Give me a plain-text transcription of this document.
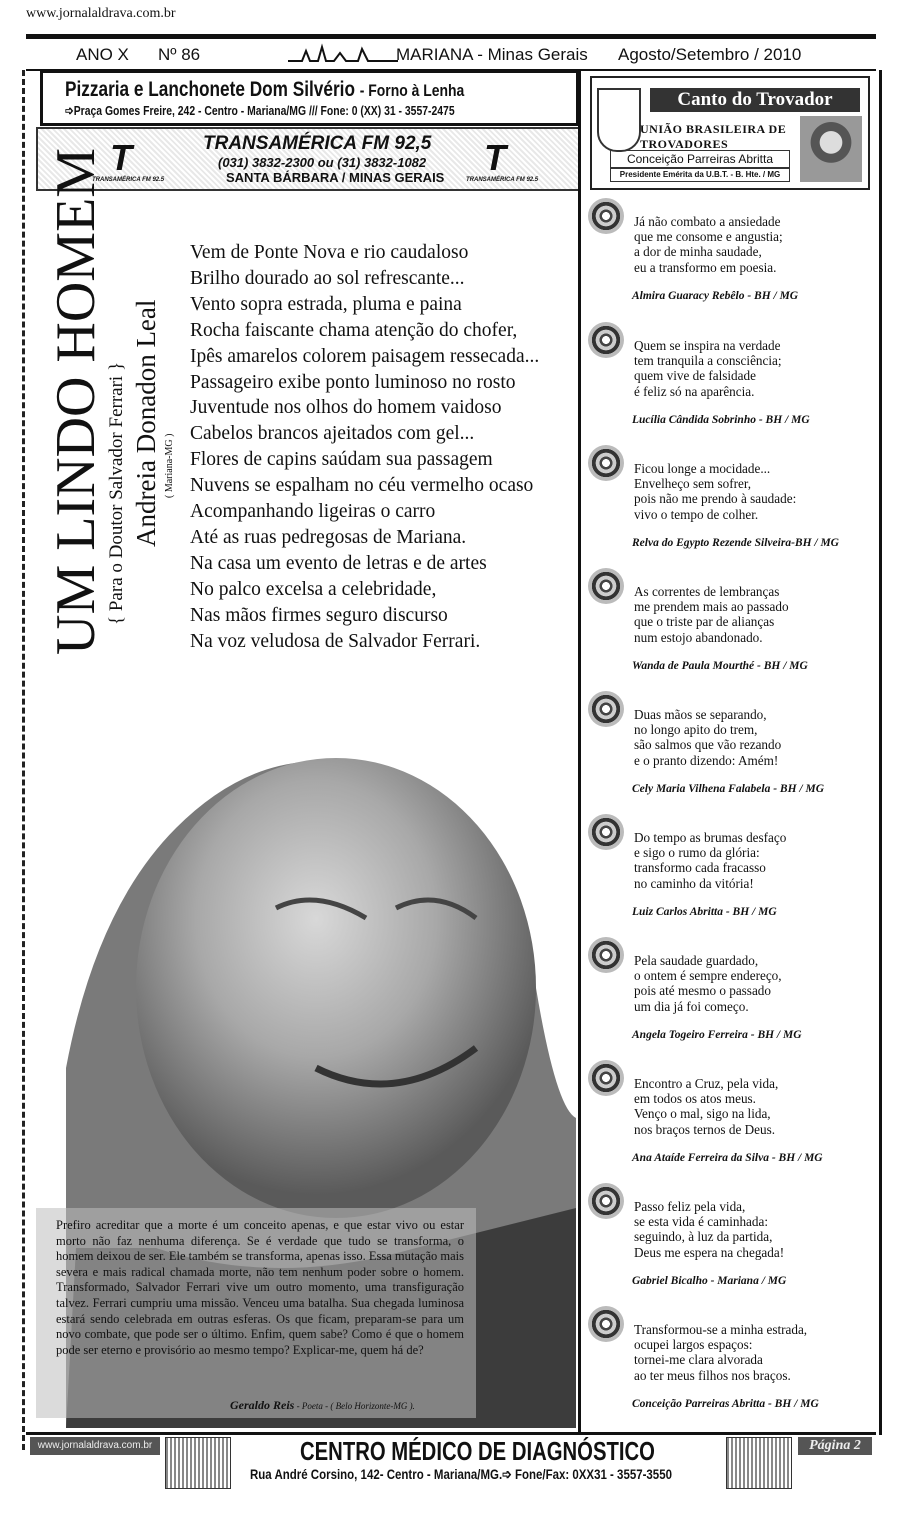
www.jornalaldrava.com.br
ANO X Nº 86	MARIANA - Minas Gerais Agosto/Setembro / 2010
Pizzaria e Lanchonete Dom Silvério - Forno à Lenha
➩Praça Gomes Freire, 242 - Centro - Mariana/MG /// Fone: 0 (XX) 31 - 3557-2475
T
TRANSAMÉRICA FM 92.5
TRANSAMÉRICA FM 92,5
(031) 3832-2300 ou (31) 3832-1082
SANTA BÁRBARA / MINAS GERAIS T
TRANSAMÉRICA FM 92.5
Canto do Trovador
UNIÃO BRASILEIRA DE TROVADORES
Conceição Parreiras Abritta
Presidente Emérita da U.B.T. - B. Hte. / MG
Já não combato a ansiedade
que me consome e angustia;
a dor de minha saudade,
eu a transformo em poesia.
Almira Guaracy Rebêlo - BH / MG
Quem se inspira na verdade
tem tranquila a consciência;
quem vive de falsidade
é feliz só na aparência.
Lucília Cândida Sobrinho - BH / MG
Ficou longe a mocidade...
Envelheço sem sofrer,
pois não me prendo à saudade:
vivo o tempo de colher.
Relva do Egypto Rezende Silveira-BH / MG
As correntes de lembranças
me prendem mais ao passado
que o triste par de alianças
num estojo abandonado.
Wanda de Paula Mourthé - BH / MG
Duas mãos se separando,
no longo apito do trem,
são salmos que vão rezando
e o pranto dizendo: Amém!
Cely Maria Vilhena Falabela - BH / MG
Do tempo as brumas desfaço
e sigo o rumo da glória:
transformo cada fracasso
no caminho da vitória!
Luiz Carlos Abritta - BH / MG
Pela saudade guardado,
o ontem é sempre endereço,
pois até mesmo o passado
um dia já foi começo.
Angela Togeiro Ferreira - BH / MG
Encontro a Cruz, pela vida,
em todos os atos meus.
Venço o mal, sigo na lida,
nos braços ternos de Deus.
Ana Ataíde Ferreira da Silva - BH / MG
Passo feliz pela vida,
se esta vida é caminhada:
seguindo, à luz da partida,
Deus me espera na chegada!
Gabriel Bicalho - Mariana / MG
Transformou-se a minha estrada,
ocupei largos espaços:
tornei-me clara alvorada
ao ter meus filhos nos braços.
Conceição Parreiras Abritta - BH / MG
UM LINDO HOMEM { Para o Doutor Salvador Ferrari } Andreia Donadon Leal ( Mariana-MG )
Vem de Ponte Nova e rio caudaloso
Brilho dourado ao sol refrescante...
Vento sopra estrada, pluma e paina
Rocha faiscante chama atenção do chofer,
Ipês amarelos colorem paisagem ressecada...
Passageiro exibe ponto luminoso no rosto
Juventude nos olhos do homem vaidoso
Cabelos brancos ajeitados com gel...
Flores de capins saúdam sua passagem
Nuvens se espalham no céu vermelho ocaso
Acompanhando ligeiras o carro
Até as ruas pedregosas de Mariana.
Na casa um evento de letras e de artes
No palco excelsa a celebridade,
Nas mãos firmes seguro discurso
Na voz veludosa de Salvador Ferrari.
Prefiro acreditar que a morte é um conceito apenas, e que estar vivo ou estar morto não faz nenhuma diferença. Se é verdade que tudo se transforma, o homem deixou de ser. Ele também se transforma, apenas isso. Essa mutação mais severa e mais radical chamada morte, não tem nenhum poder sobre o homem. Transformado, Salvador Ferrari vive um outro momento, uma transfiguração talvez. Ferrari cumpriu uma missão. Venceu uma batalha. Sua chegada luminosa estará sendo celebrada em outras esferas. Os que ficam, preparam-se para um novo combate, que pode ser o último. Enfim, quem sabe? Como é que o homem pode ser eterno e provisório ao mesmo tempo? Explicar-me, quem há de?
Geraldo Reis - Poeta - ( Belo Horizonte-MG ).
www.jornalaldrava.com.br	CENTRO MÉDICO DE DIAGNÓSTICO
Rua André Corsino, 142- Centro - Mariana/MG.➩ Fone/Fax: 0XX31 - 3557-3550
Página 2
